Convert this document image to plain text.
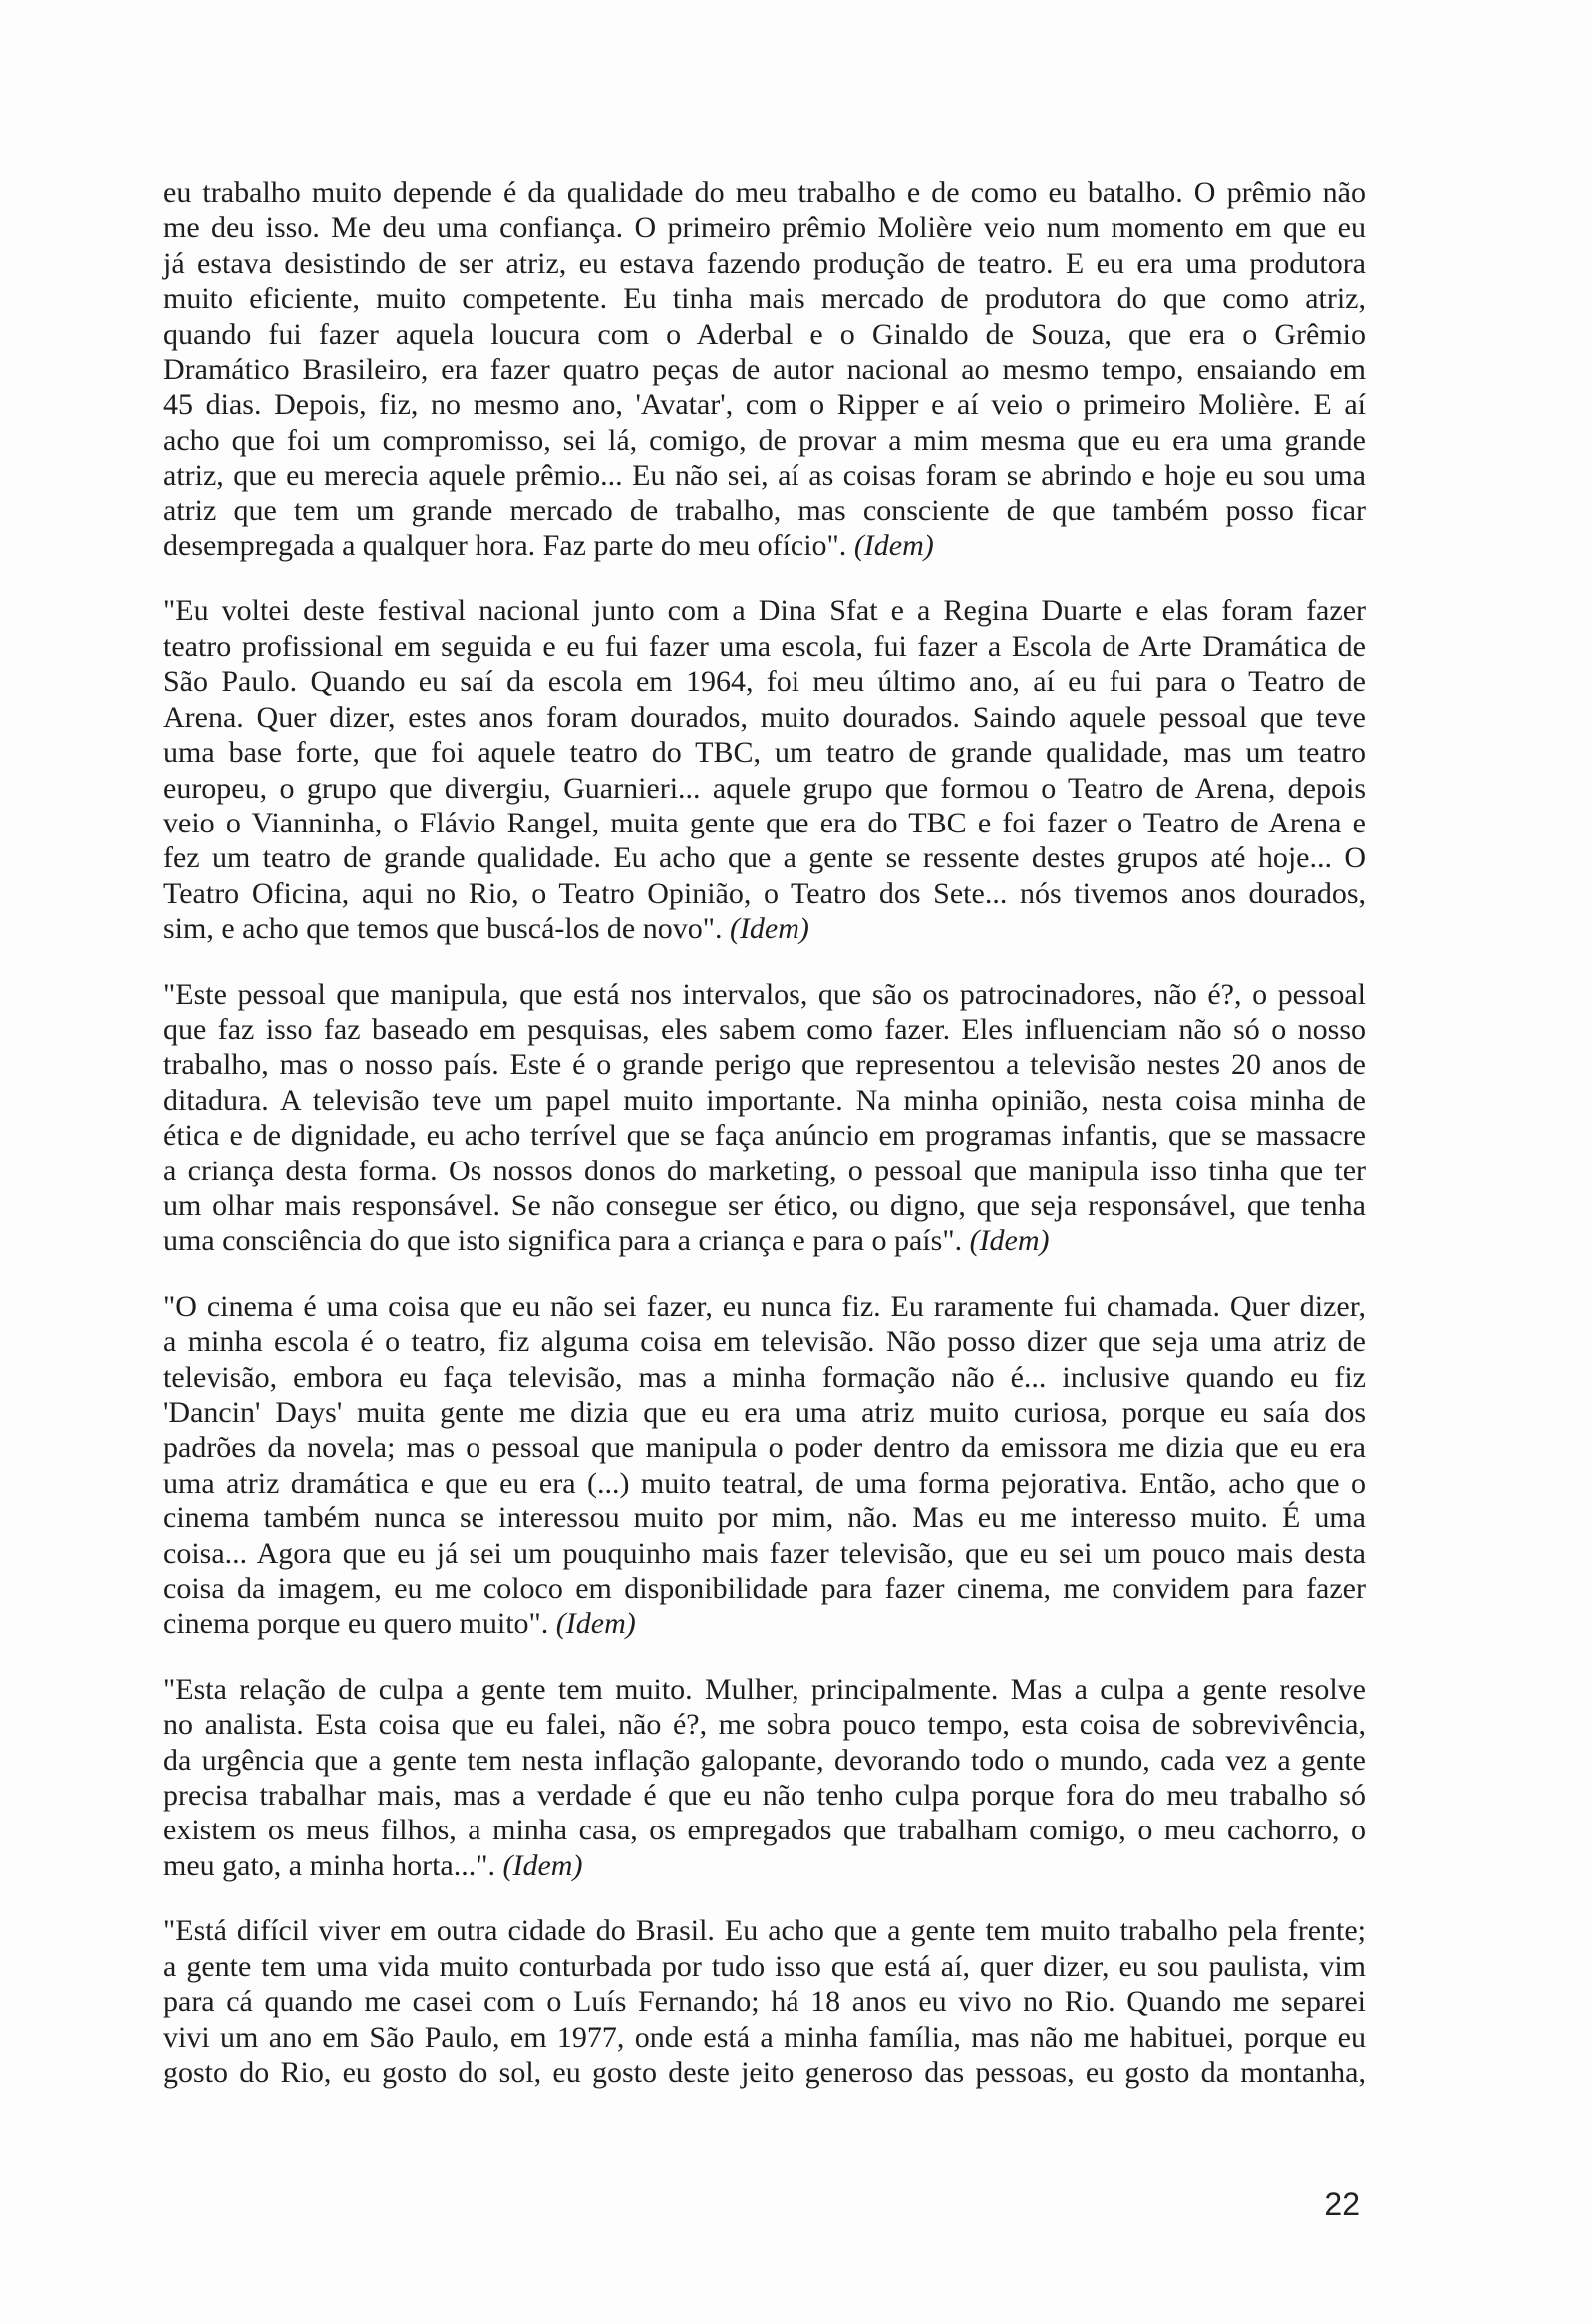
eu trabalho muito depende é da qualidade do meu trabalho e de como eu batalho. O prêmio não
me deu isso. Me deu uma confiança. O primeiro prêmio Molière veio num momento em que eu
já estava desistindo de ser atriz, eu estava fazendo produção de teatro. E eu era uma produtora
muito eficiente, muito competente. Eu tinha mais mercado de produtora do que como atriz,
quando fui fazer aquela loucura com o Aderbal e o Ginaldo de Souza, que era o Grêmio
Dramático Brasileiro, era fazer quatro peças de autor nacional ao mesmo tempo, ensaiando em
45 dias. Depois, fiz, no mesmo ano, 'Avatar', com o Ripper e aí veio o primeiro Molière. E aí
acho que foi um compromisso, sei lá, comigo, de provar a mim mesma que eu era uma grande
atriz, que eu merecia aquele prêmio... Eu não sei, aí as coisas foram se abrindo e hoje eu sou uma
atriz que tem um grande mercado de trabalho, mas consciente de que também posso ficar
desempregada a qualquer hora. Faz parte do meu ofício". (Idem)
"Eu voltei deste festival nacional junto com a Dina Sfat e a Regina Duarte e elas foram fazer
teatro profissional em seguida e eu fui fazer uma escola, fui fazer a Escola de Arte Dramática de
São Paulo. Quando eu saí da escola em 1964, foi meu último ano, aí eu fui para o Teatro de
Arena. Quer dizer, estes anos foram dourados, muito dourados. Saindo aquele pessoal que teve
uma base forte, que foi aquele teatro do TBC, um teatro de grande qualidade, mas um teatro
europeu, o grupo que divergiu, Guarnieri... aquele grupo que formou o Teatro de Arena, depois
veio o Vianninha, o Flávio Rangel, muita gente que era do TBC e foi fazer o Teatro de Arena e
fez um teatro de grande qualidade. Eu acho que a gente se ressente destes grupos até hoje... O
Teatro Oficina, aqui no Rio, o Teatro Opinião, o Teatro dos Sete... nós tivemos anos dourados,
sim, e acho que temos que buscá-los de novo". (Idem)
"Este pessoal que manipula, que está nos intervalos, que são os patrocinadores, não é?, o pessoal
que faz isso faz baseado em pesquisas, eles sabem como fazer. Eles influenciam não só o nosso
trabalho, mas o nosso país. Este é o grande perigo que representou a televisão nestes 20 anos de
ditadura. A televisão teve um papel muito importante. Na minha opinião, nesta coisa minha de
ética e de dignidade, eu acho terrível que se faça anúncio em programas infantis, que se massacre
a criança desta forma. Os nossos donos do marketing, o pessoal que manipula isso tinha que ter
um olhar mais responsável. Se não consegue ser ético, ou digno, que seja responsável, que tenha
uma consciência do que isto significa para a criança e para o país". (Idem)
"O cinema é uma coisa que eu não sei fazer, eu nunca fiz. Eu raramente fui chamada. Quer dizer,
a minha escola é o teatro, fiz alguma coisa em televisão. Não posso dizer que seja uma atriz de
televisão, embora eu faça televisão, mas a minha formação não é... inclusive quando eu fiz
'Dancin' Days' muita gente me dizia que eu era uma atriz muito curiosa, porque eu saía dos
padrões da novela; mas o pessoal que manipula o poder dentro da emissora me dizia que eu era
uma atriz dramática e que eu era (...) muito teatral, de uma forma pejorativa. Então, acho que o
cinema também nunca se interessou muito por mim, não. Mas eu me interesso muito. É uma
coisa... Agora que eu já sei um pouquinho mais fazer televisão, que eu sei um pouco mais desta
coisa da imagem, eu me coloco em disponibilidade para fazer cinema, me convidem para fazer
cinema porque eu quero muito". (Idem)
"Esta relação de culpa a gente tem muito. Mulher, principalmente. Mas a culpa a gente resolve
no analista. Esta coisa que eu falei, não é?, me sobra pouco tempo, esta coisa de sobrevivência,
da urgência que a gente tem nesta inflação galopante, devorando todo o mundo, cada vez a gente
precisa trabalhar mais, mas a verdade é que eu não tenho culpa porque fora do meu trabalho só
existem os meus filhos, a minha casa, os empregados que trabalham comigo, o meu cachorro, o
meu gato, a minha horta...". (Idem)
"Está difícil viver em outra cidade do Brasil. Eu acho que a gente tem muito trabalho pela frente;
a gente tem uma vida muito conturbada por tudo isso que está aí, quer dizer, eu sou paulista, vim
para cá quando me casei com o Luís Fernando; há 18 anos eu vivo no Rio. Quando me separei
vivi um ano em São Paulo, em 1977, onde está a minha família, mas não me habituei, porque eu
gosto do Rio, eu gosto do sol, eu gosto deste jeito generoso das pessoas, eu gosto da montanha,
22
